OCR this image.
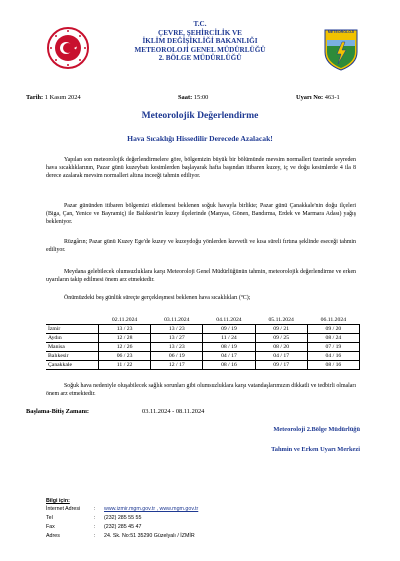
T.C.
ÇEVRE, ŞEHİRCİLİK VE
İKLİM DEĞİŞİKLİĞİ BAKANLIĞI
METEOROLOJİ GENEL MÜDÜRLÜĞÜ
2. BÖLGE MÜDÜRLÜĞÜ
METEOROLOJİ
Tarih: 1 Kasım 2024	Saat: 15:00	Uyarı No: 463-1
Meteorolojik Değerlendirme
Hava Sıcaklığı Hissedilir Derecede Azalacak!
Yapılan son meteorolojik değerlendirmelere göre, bölgemizin büyük bir bölümünde mevsim normalleri üzerinde seyreden hava sıcaklıklarının, Pazar günü kuzeybatı kesimlerden başlayarak hafta başından itibaren kuzey, iç ve doğu kesimlerde 4 ila 8 derece azalarak mevsim normalleri altına inceeği tahmin ediliyor.
Pazar gününden itibaren bölgemizi etkilemesi beklenen soğuk havayla birlikte; Pazar günü Çanakkale'nin doğu ilçeleri (Biga, Çan, Yenice ve Bayramiç) ile Balıkesir'in kuzey ilçelerinde (Manyas, Gönen, Bandırma, Erdek ve Marmara Adası) yağış bekleniyor.
Rüzgârın; Pazar günü Kuzey Ege'de kuzey ve kuzeydoğu yönlerden kuvvetli ve kısa süreli fırtına şeklinde eseceği tahmin ediliyor.
Meydana gelebilecek olumsuzluklara karşı Meteoroloji Genel Müdürlüğünün tahmin, meteorolojik değerlendirme ve erken uyarıların takip edilmesi önem arz etmektedir.
Önümüzdeki beş günlük süreçte gerçekleşmesi beklenen hava sıcaklıkları (ºC);
	02.11.2024	03.11.2024	04.11.2024	05.11.2024	06.11.2024
İzmir	13 / 23	13 / 23	09 / 19	09 / 21	09 / 20
Aydın	12 / 28	13 / 27	11 / 24	09 / 25	08 / 24
Manisa	12 / 26	13 / 23	08 / 19	08 / 20	07 / 19
Balıkesir	06 / 23	06 / 19	04 / 17	04 / 17	04 / 16
Çanakkale	11 / 22	12 / 17	08 / 16	09 / 17	08 / 16
Soğuk hava nedeniyle oluşabilecek sağlık sorunları gibi olumsuzluklara karşı vatandaşlarımızın dikkatli ve tedbirli olmaları önem arz etmektedir.
Başlama-Bitiş Zamanı:	03.11.2024 - 08.11.2024
Meteoroloji 2.Bölge Müdürlüğü
Tahmin ve Erken Uyarı Merkezi
Bilgi için:
İnternet Adresi	: www.izmir.mgm.gov.tr , www.mgm.gov.tr
Tel	: (232) 285 55 55
Fax	: (232) 285 45 47
Adres	: 24. Sk. No:51 35290 Güzelyalı / İZMİR
